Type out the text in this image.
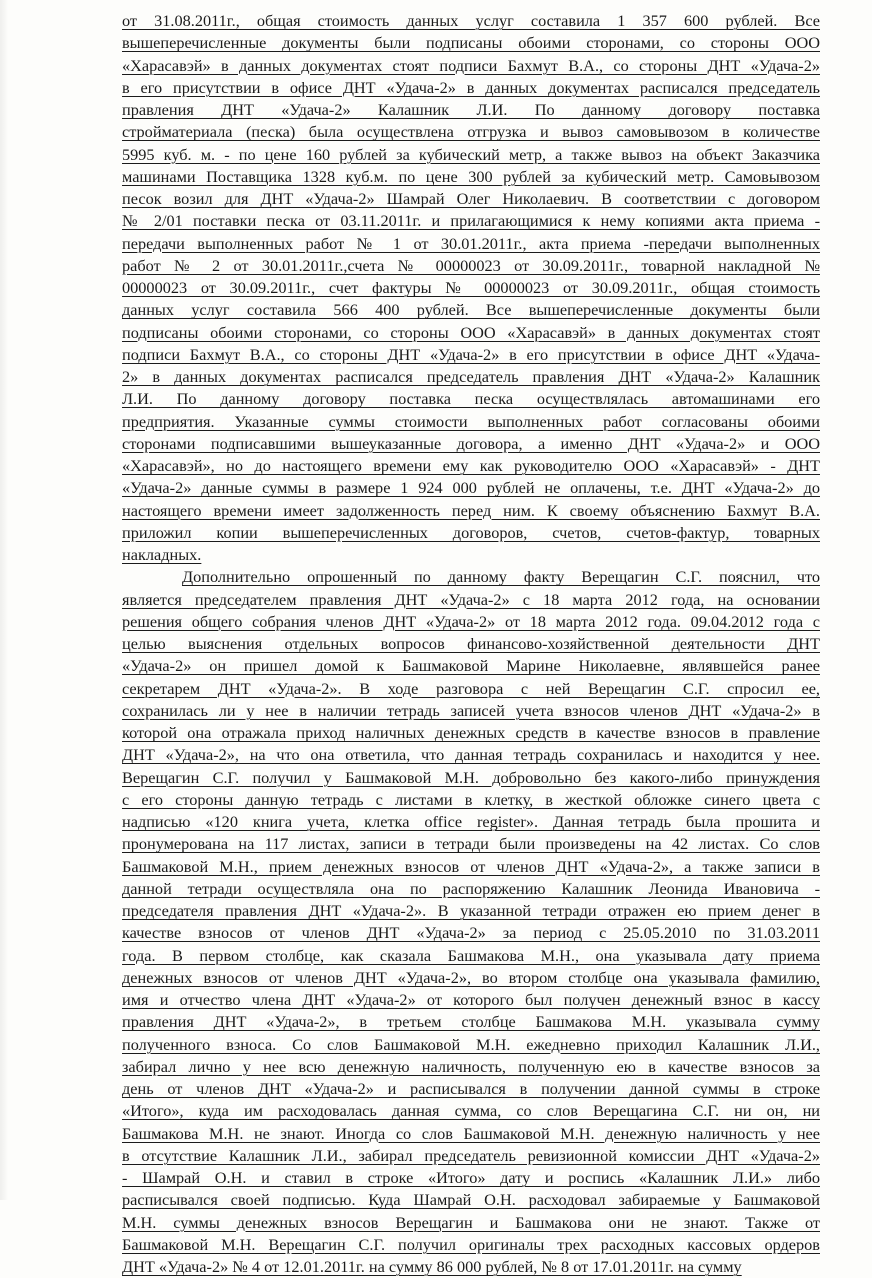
от 31.08.2011г., общая стоимость данных услуг составила 1 357 600 рублей. Все
вышеперечисленные документы были подписаны обоими сторонами, со стороны ООО
«Харасавэй» в данных документах стоят подписи Бахмут В.А., со стороны ДНТ «Удача-2»
в его присутствии в офисе ДНТ «Удача-2» в данных документах расписался председатель
правления ДНТ «Удача-2» Калашник Л.И. По данному договору поставка
стройматериала (песка) была осуществлена отгрузка и вывоз самовывозом в количестве
5995 куб. м. - по цене 160 рублей за кубический метр, а также вывоз на объект Заказчика
машинами Поставщика 1328 куб.м. по цене 300 рублей за кубический метр. Самовывозом
песок возил для ДНТ «Удача-2» Шамрай Олег Николаевич. В соответствии с договором
№ 2/01 поставки песка от 03.11.2011г. и прилагающимися к нему копиями акта приема -
передачи выполненных работ № 1 от 30.01.2011г., акта приема -передачи выполненных
работ № 2 от 30.01.2011г.,счета № 00000023 от 30.09.2011г., товарной накладной №
00000023 от 30.09.2011г., счет фактуры № 00000023 от 30.09.2011г., общая стоимость
данных услуг составила 566 400 рублей. Все вышеперечисленные документы были
подписаны обоими сторонами, со стороны ООО «Харасавэй» в данных документах стоят
подписи Бахмут В.А., со стороны ДНТ «Удача-2» в его присутствии в офисе ДНТ «Удача-
2» в данных документах расписался председатель правления ДНТ «Удача-2» Калашник
Л.И. По данному договору поставка песка осуществлялась автомашинами его
предприятия. Указанные суммы стоимости выполненных работ согласованы обоими
сторонами подписавшими вышеуказанные договора, а именно ДНТ «Удача-2» и ООО
«Харасавэй», но до настоящего времени ему как руководителю ООО «Харасавэй» - ДНТ
«Удача-2» данные суммы в размере 1 924 000 рублей не оплачены, т.е. ДНТ «Удача-2» до
настоящего времени имеет задолженность перед ним. К своему объяснению Бахмут В.А.
приложил копии вышеперечисленных договоров, счетов, счетов-фактур, товарных
накладных.
Дополнительно опрошенный по данному факту Верещагин С.Г. пояснил, что
является председателем правления ДНТ «Удача-2» с 18 марта 2012 года, на основании
решения общего собрания членов ДНТ «Удача-2» от 18 марта 2012 года. 09.04.2012 года с
целью выяснения отдельных вопросов финансово-хозяйственной деятельности ДНТ
«Удача-2» он пришел домой к Башмаковой Марине Николаевне, являвшейся ранее
секретарем ДНТ «Удача-2». В ходе разговора с ней Верещагин С.Г. спросил ее,
сохранилась ли у нее в наличии тетрадь записей учета взносов членов ДНТ «Удача-2» в
которой она отражала приход наличных денежных средств в качестве взносов в правление
ДНТ «Удача-2», на что она ответила, что данная тетрадь сохранилась и находится у нее.
Верещагин С.Г. получил у Башмаковой М.Н. добровольно без какого-либо принуждения
с его стороны данную тетрадь с листами в клетку, в жесткой обложке синего цвета с
надписью «120 книга учета, клетка office register». Данная тетрадь была прошита и
пронумерована на 117 листах, записи в тетради были произведены на 42 листах. Со слов
Башмаковой М.Н., прием денежных взносов от членов ДНТ «Удача-2», а также записи в
данной тетради осуществляла она по распоряжению Калашник Леонида Ивановича -
председателя правления ДНТ «Удача-2». В указанной тетради отражен ею прием денег в
качестве взносов от членов ДНТ «Удача-2» за период с 25.05.2010 по 31.03.2011
года. В первом столбце, как сказала Башмакова М.Н., она указывала дату приема
денежных взносов от членов ДНТ «Удача-2», во втором столбце она указывала фамилию,
имя и отчество члена ДНТ «Удача-2» от которого был получен денежный взнос в кассу
правления ДНТ «Удача-2», в третьем столбце Башмакова М.Н. указывала сумму
полученного взноса. Со слов Башмаковой М.Н. ежедневно приходил Калашник Л.И.,
забирал лично у нее всю денежную наличность, полученную ею в качестве взносов за
день от членов ДНТ «Удача-2» и расписывался в получении данной суммы в строке
«Итого», куда им расходовалась данная сумма, со слов Верещагина С.Г. ни он, ни
Башмакова М.Н. не знают. Иногда со слов Башмаковой М.Н. денежную наличность у нее
в отсутствие Калашник Л.И., забирал председатель ревизионной комиссии ДНТ «Удача-2»
- Шамрай О.Н. и ставил в строке «Итого» дату и роспись «Калашник Л.И.» либо
расписывался своей подписью. Куда Шамрай О.Н. расходовал забираемые у Башмаковой
М.Н. суммы денежных взносов Верещагин и Башмакова они не знают. Также от
Башмаковой М.Н. Верещагин С.Г. получил оригиналы трех расходных кассовых ордеров
ДНТ «Удача-2» № 4 от 12.01.2011г. на сумму 86 000 рублей, № 8 от 17.01.2011г. на сумму
